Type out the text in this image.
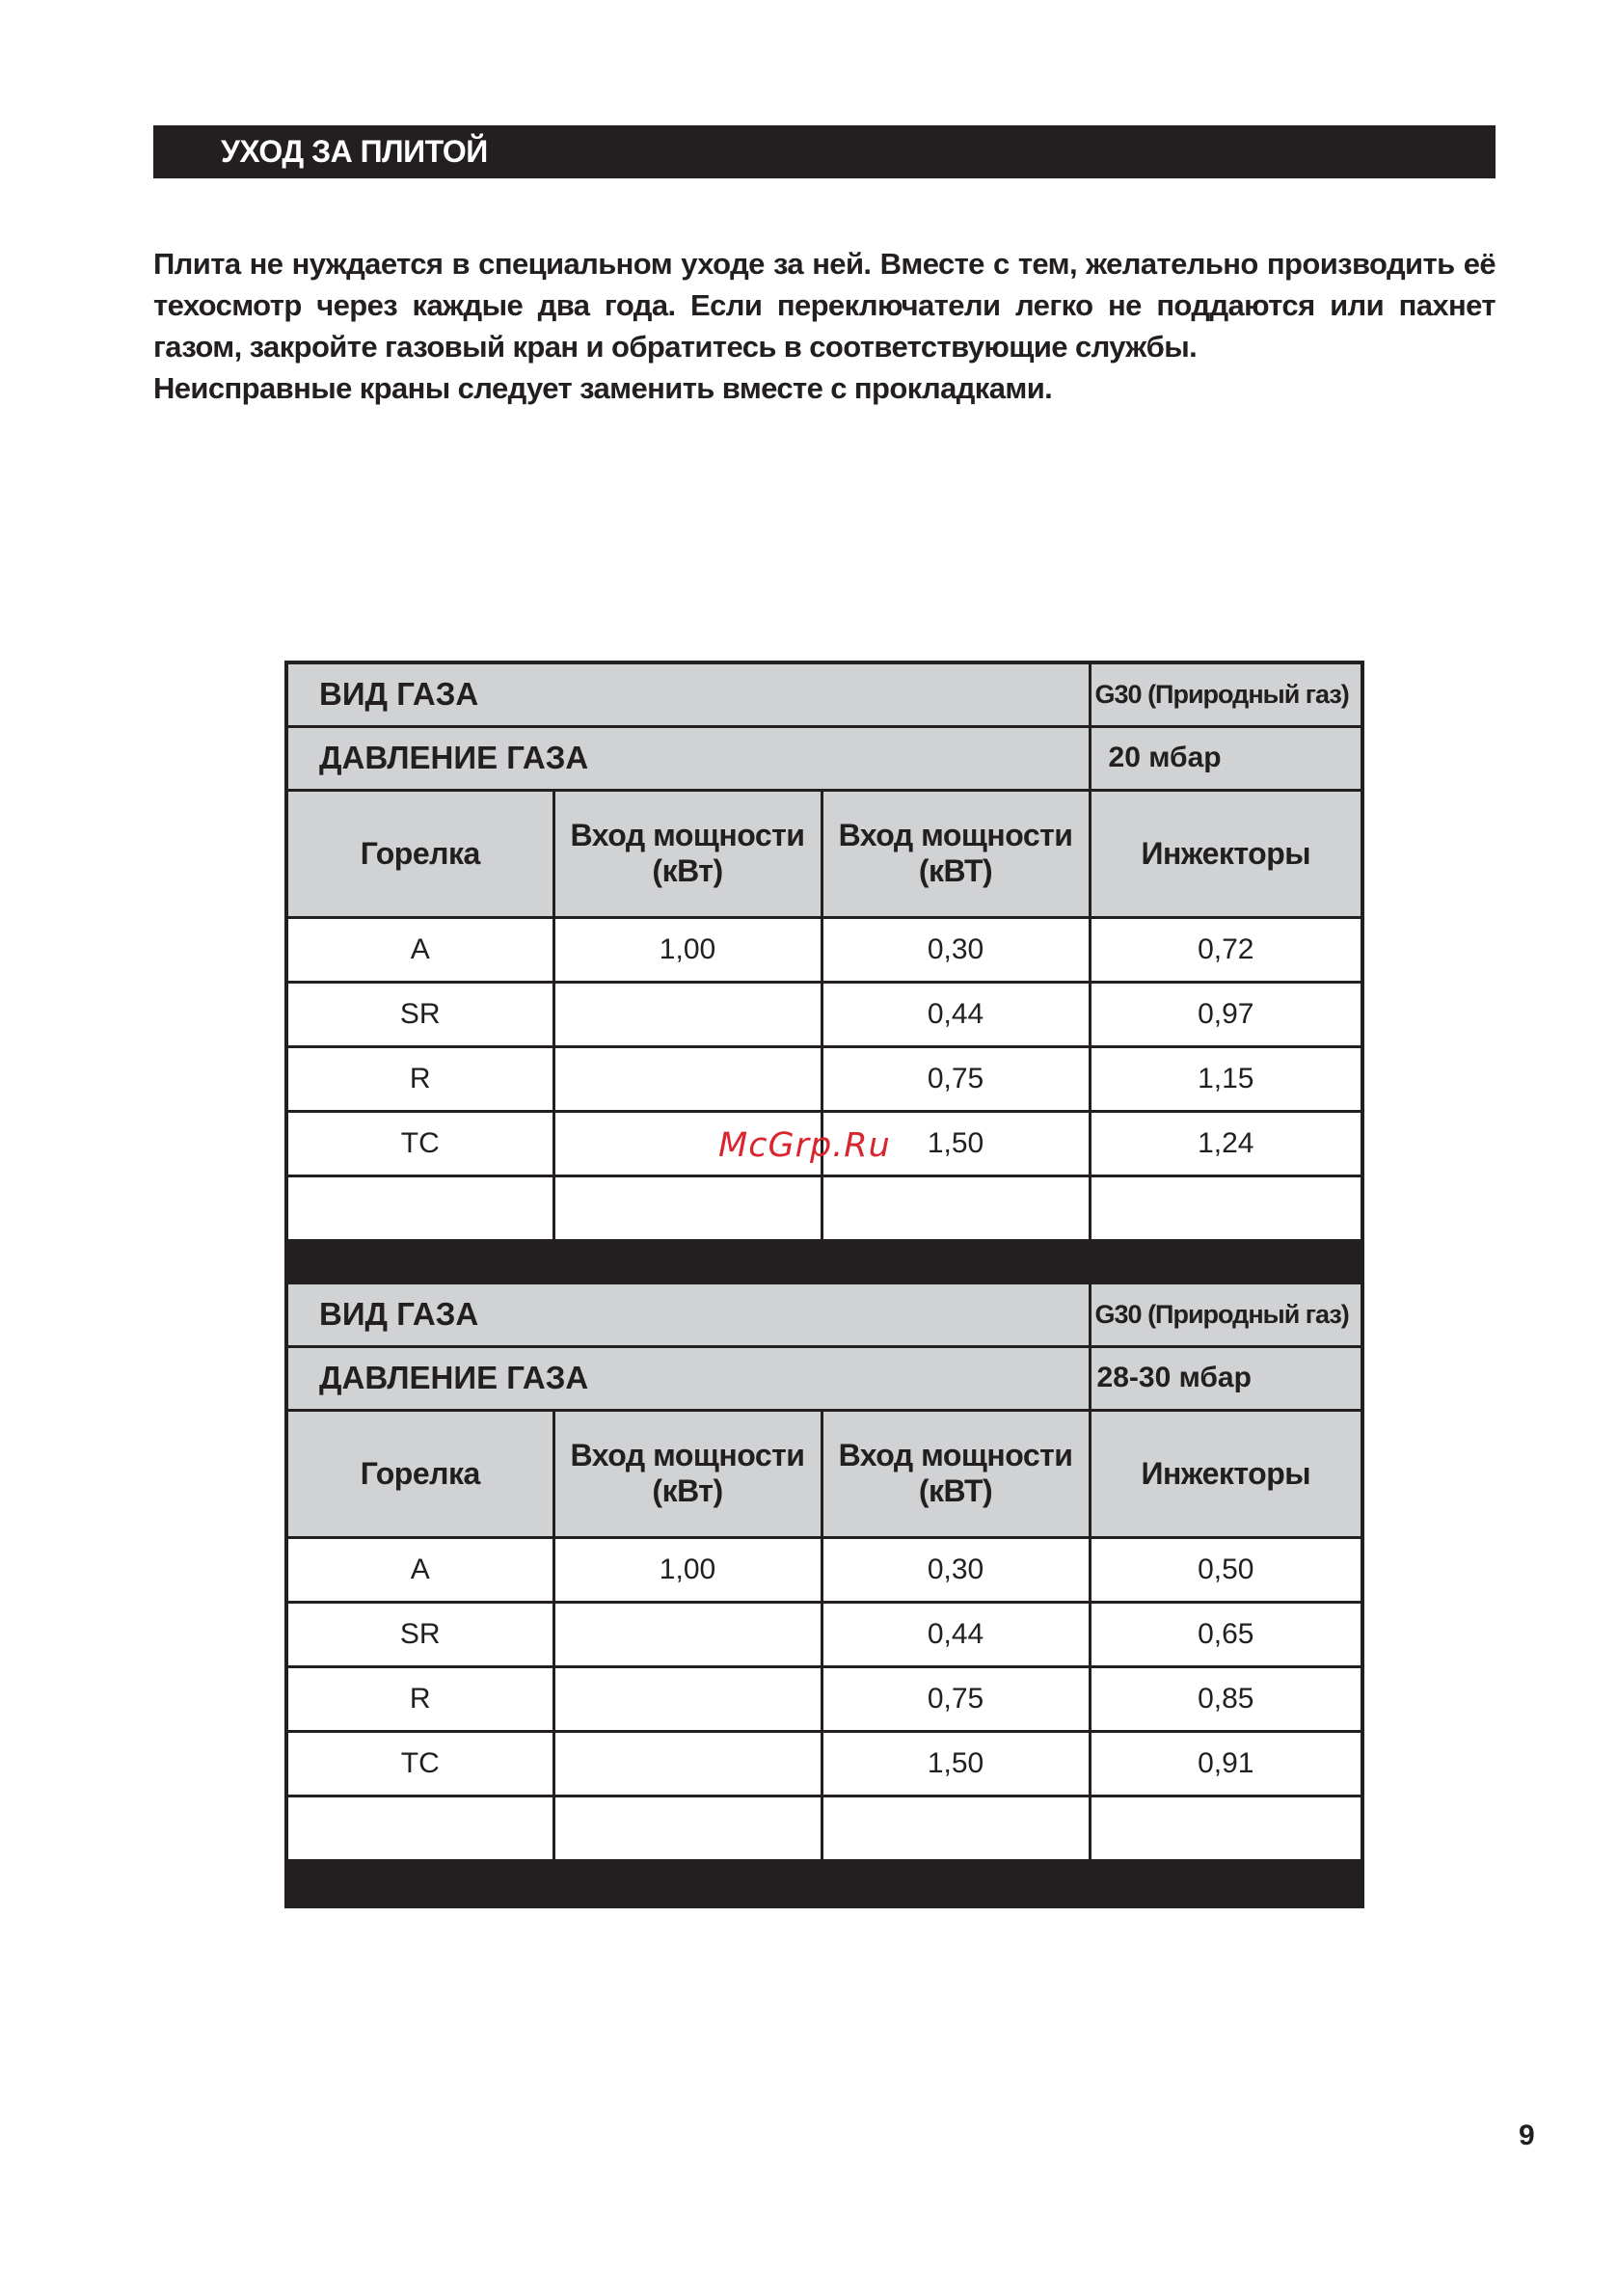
УХОД ЗА ПЛИТОЙ

Плита не нуждается в специальном уходе за ней. Вместе с тем, желательно производить её техосмотр через каждые два года. Если переключатели легко не поддаются или пахнет газом, закройте газовый кран и обратитесь в соответствующие службы.

Неисправные краны следует заменить вместе с прокладками.

ВИД ГАЗА			G30 (Природный газ)
ДАВЛЕНИЕ ГАЗА			20 мбар
Горелка	Вход мощности (кВт)	Вход мощности (кВТ)	Инжекторы
A	1,00	0,30	0,72
SR		0,44	0,97
R		0,75	1,15
TC		1,50	1,24

ВИД ГАЗА			G30 (Природный газ)
ДАВЛЕНИЕ ГАЗА			28-30 мбар
Горелка	Вход мощности (кВт)	Вход мощности (кВТ)	Инжекторы
A	1,00	0,30	0,50
SR		0,44	0,65
R		0,75	0,85
TC		1,50	0,91

McGrp.Ru
9
